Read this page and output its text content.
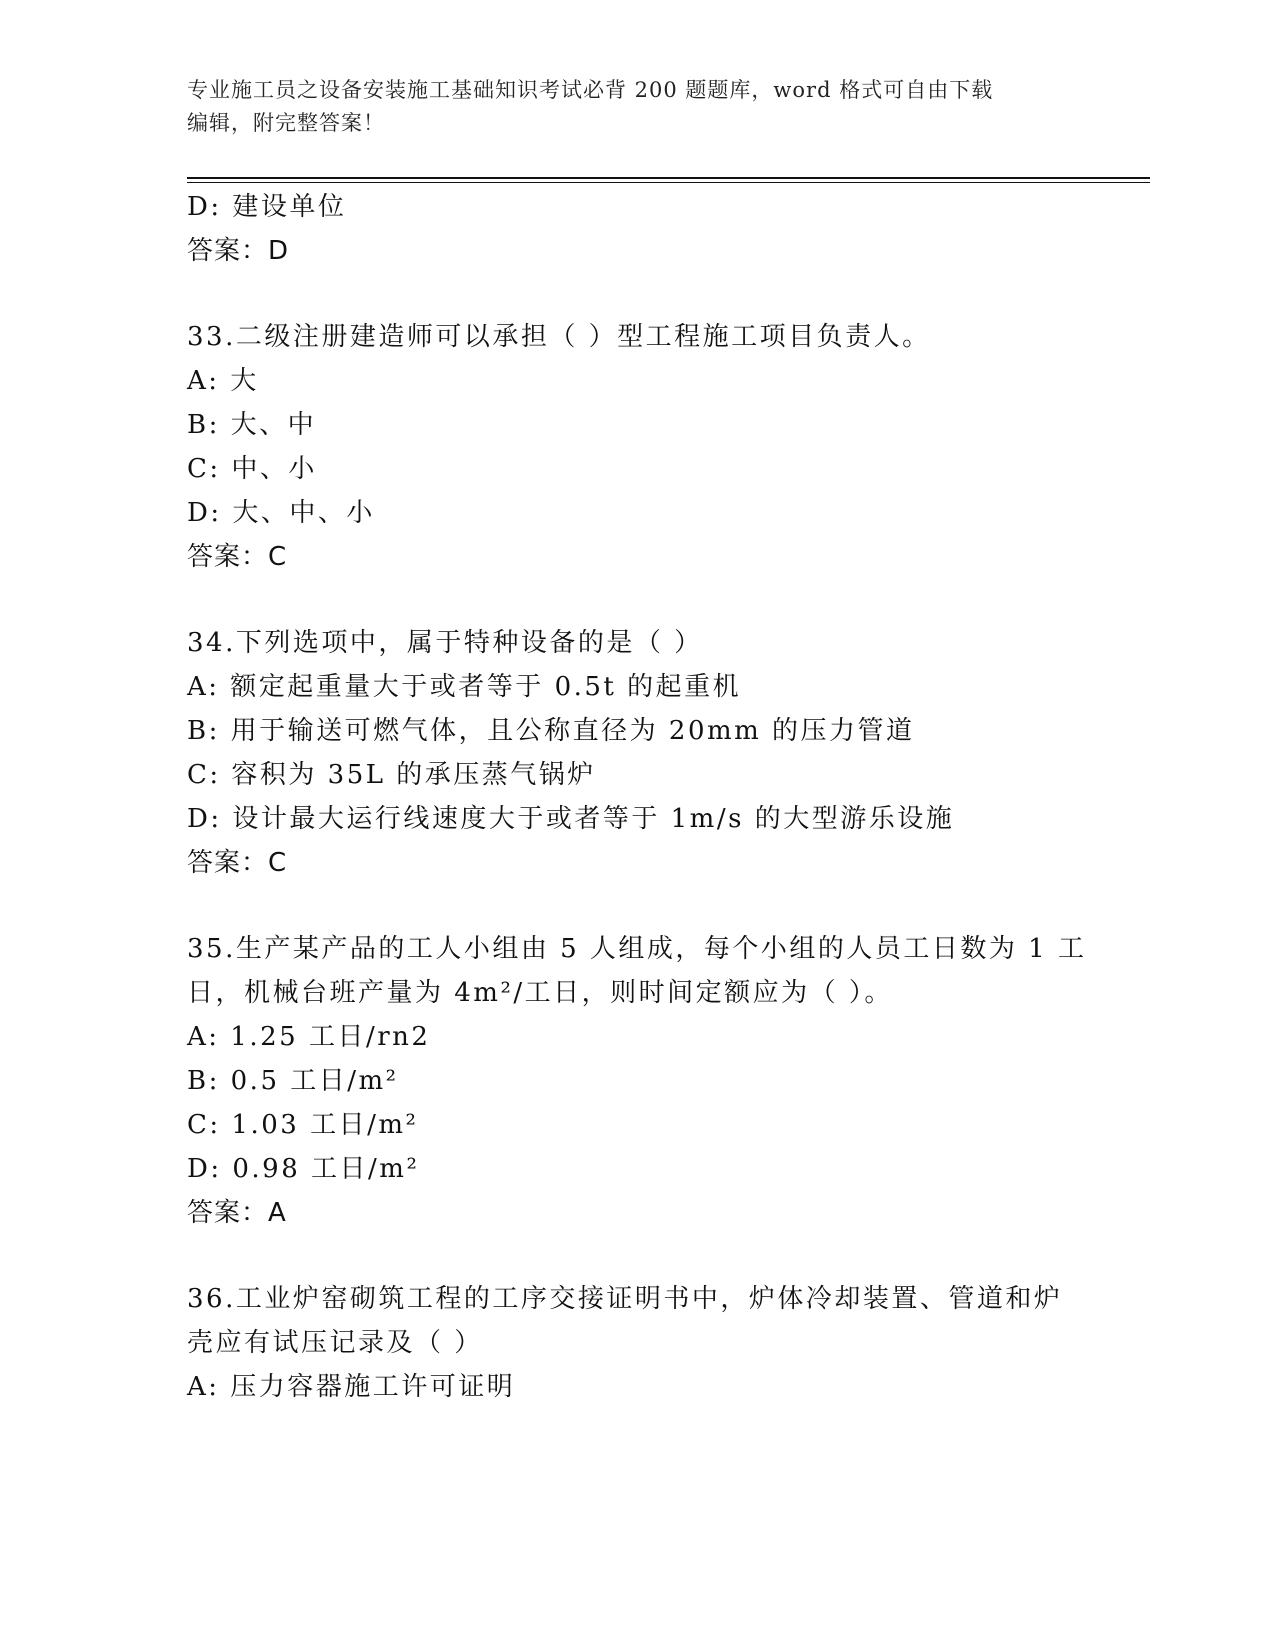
专业施工员之设备安装施工基础知识考试必背 200 题题库，word 格式可自由下载
编辑，附完整答案！
D: 建设单位
答案：D
33.二级注册建造师可以承担（ ）型工程施工项目负责人。
A: 大
B: 大、中
C: 中、小
D: 大、中、小
答案：C
34.下列选项中，属于特种设备的是（ ）
A: 额定起重量大于或者等于 0.5t 的起重机
B: 用于输送可燃气体，且公称直径为 20mm 的压力管道
C: 容积为 35L 的承压蒸气锅炉
D: 设计最大运行线速度大于或者等于 1m/s 的大型游乐设施
答案：C
35.生产某产品的工人小组由 5 人组成，每个小组的人员工日数为 1 工
日，机械台班产量为 4m²/工日，则时间定额应为（ ）。
A: 1.25 工日/rn2
B: 0.5 工日/m²
C: 1.03 工日/m²
D: 0.98 工日/m²
答案：A
36.工业炉窑砌筑工程的工序交接证明书中，炉体冷却装置、管道和炉
壳应有试压记录及（ ）
A: 压力容器施工许可证明
